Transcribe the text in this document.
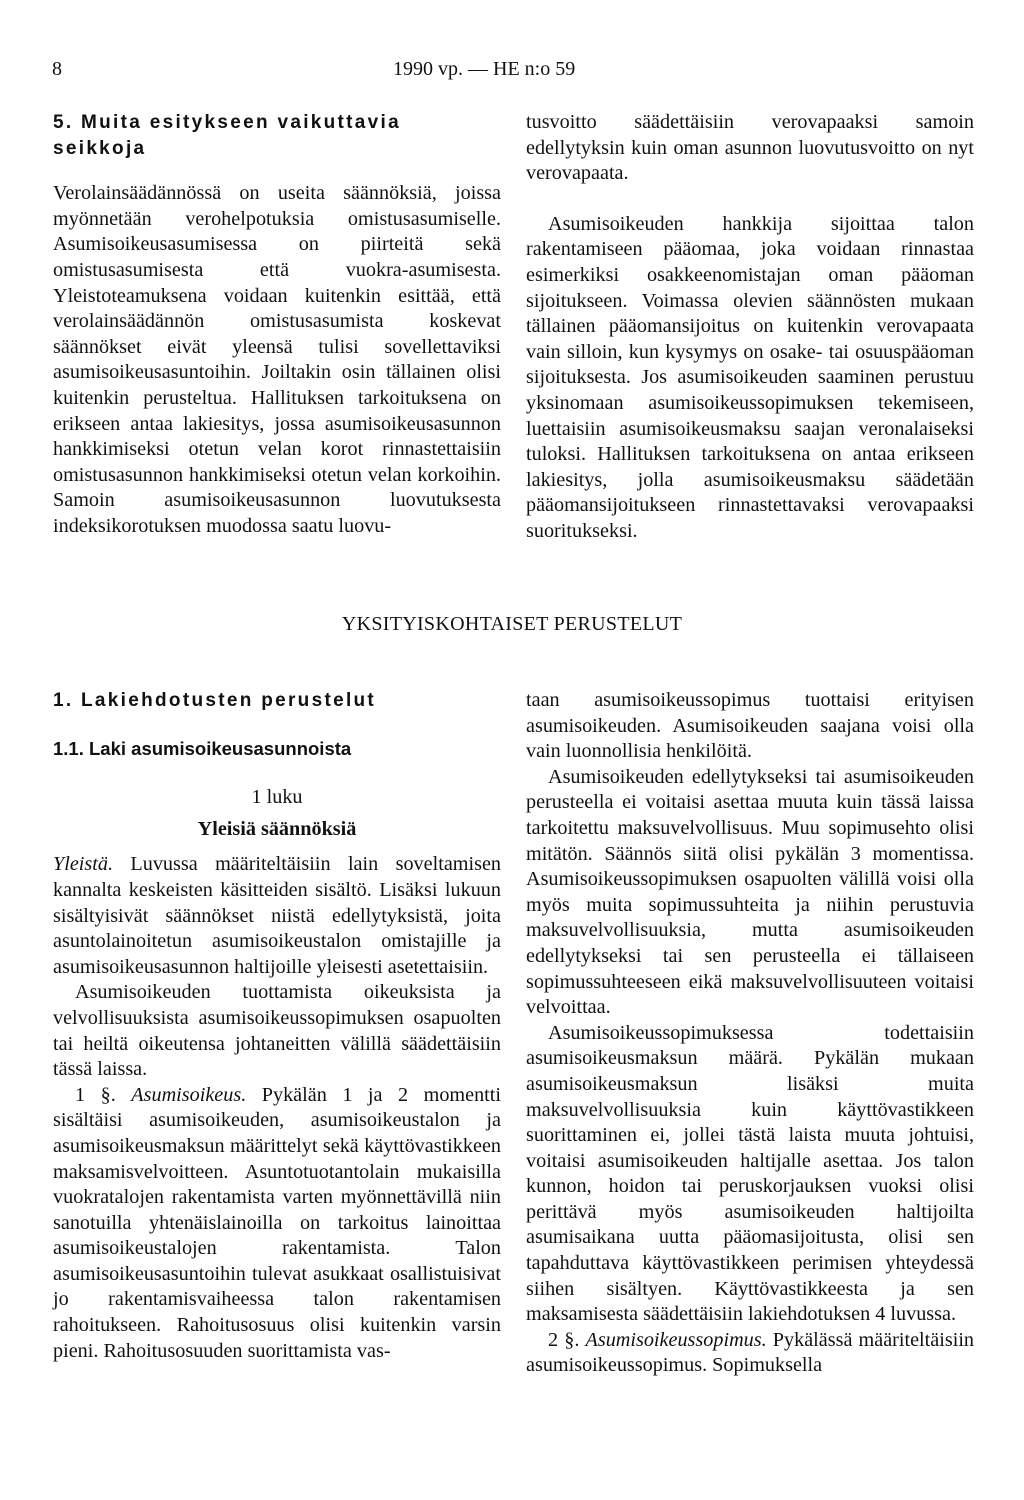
8	1990 vp. — HE n:o 59

5. Muita esitykseen vaikuttavia seikkoja

Verolainsäädännössä on useita säännöksiä, joissa myönnetään verohelpotuksia omistusasumiselle. Asumisoikeusasumisessa on piirteitä sekä omistusasumisesta että vuokra-asumisesta. Yleistoteamuksena voidaan kuitenkin esittää, että verolainsäädännön omistusasumista koskevat säännökset eivät yleensä tulisi sovellettaviksi asumisoikeusasuntoihin. Joiltakin osin tällainen olisi kuitenkin perusteltua. Hallituksen tarkoituksena on erikseen antaa lakiesitys, jossa asumisoikeusasunnon hankkimiseksi otetun velan korot rinnastettaisiin omistusasunnon hankkimiseksi otetun velan korkoihin. Samoin asumisoikeusasunnon luovutuksesta indeksikorotuksen muodossa saatu luovu-

tusvoitto säädettäisiin verovapaaksi samoin edellytyksin kuin oman asunnon luovutusvoitto on nyt verovapaata.

Asumisoikeuden hankkija sijoittaa talon rakentamiseen pääomaa, joka voidaan rinnastaa esimerkiksi osakkeenomistajan oman pääoman sijoitukseen. Voimassa olevien säännösten mukaan tällainen pääomansijoitus on kuitenkin verovapaata vain silloin, kun kysymys on osake- tai osuuspääoman sijoituksesta. Jos asumisoikeuden saaminen perustuu yksinomaan asumisoikeussopimuksen tekemiseen, luettaisiin asumisoikeusmaksu saajan veronalaiseksi tuloksi. Hallituksen tarkoituksena on antaa erikseen lakiesitys, jolla asumisoikeusmaksu säädetään pääomansijoitukseen rinnastettavaksi verovapaaksi suoritukseksi.

YKSITYISKOHTAISET PERUSTELUT

1. Lakiehdotusten perustelut

1.1. Laki asumisoikeusasunnoista

1 luku

Yleisiä säännöksiä

Yleistä. Luvussa määriteltäisiin lain soveltamisen kannalta keskeisten käsitteiden sisältö. Lisäksi lukuun sisältyisivät säännökset niistä edellytyksistä, joita asuntolainoitetun asumisoikeustalon omistajille ja asumisoikeusasunnon haltijoille yleisesti asetettaisiin.

Asumisoikeuden tuottamista oikeuksista ja velvollisuuksista asumisoikeussopimuksen osapuolten tai heiltä oikeutensa johtaneitten välillä säädettäisiin tässä laissa.

1 §. Asumisoikeus. Pykälän 1 ja 2 momentti sisältäisi asumisoikeuden, asumisoikeustalon ja asumisoikeusmaksun määrittelyt sekä käyttövastikkeen maksamisvelvoitteen. Asuntotuotantolain mukaisilla vuokratalojen rakentamista varten myönnettävillä niin sanotuilla yhtenäislainoilla on tarkoitus lainoittaa asumisoikeustalojen rakentamista. Talon asumisoikeusasuntoihin tulevat asukkaat osallistuisivat jo rakentamisvaiheessa talon rakentamisen rahoitukseen. Rahoitusosuus olisi kuitenkin varsin pieni. Rahoitusosuuden suorittamista vas-

taan asumisoikeussopimus tuottaisi erityisen asumisoikeuden. Asumisoikeuden saajana voisi olla vain luonnollisia henkilöitä.

Asumisoikeuden edellytykseksi tai asumisoikeuden perusteella ei voitaisi asettaa muuta kuin tässä laissa tarkoitettu maksuvelvollisuus. Muu sopimusehto olisi mitätön. Säännös siitä olisi pykälän 3 momentissa. Asumisoikeussopimuksen osapuolten välillä voisi olla myös muita sopimussuhteita ja niihin perustuvia maksuvelvollisuuksia, mutta asumisoikeuden edellytykseksi tai sen perusteella ei tällaiseen sopimussuhteeseen eikä maksuvelvollisuuteen voitaisi velvoittaa.

Asumisoikeussopimuksessa todettaisiin asumisoikeusmaksun määrä. Pykälän mukaan asumisoikeusmaksun lisäksi muita maksuvelvollisuuksia kuin käyttövastikkeen suorittaminen ei, jollei tästä laista muuta johtuisi, voitaisi asumisoikeuden haltijalle asettaa. Jos talon kunnon, hoidon tai peruskorjauksen vuoksi olisi perittävä myös asumisoikeuden haltijoilta asumisaikana uutta pääomasijoitusta, olisi sen tapahduttava käyttövastikkeen perimisen yhteydessä siihen sisältyen. Käyttövastikkeesta ja sen maksamisesta säädettäisiin lakiehdotuksen 4 luvussa.

2 §. Asumisoikeussopimus. Pykälässä määriteltäisiin asumisoikeussopimus. Sopimuksella
